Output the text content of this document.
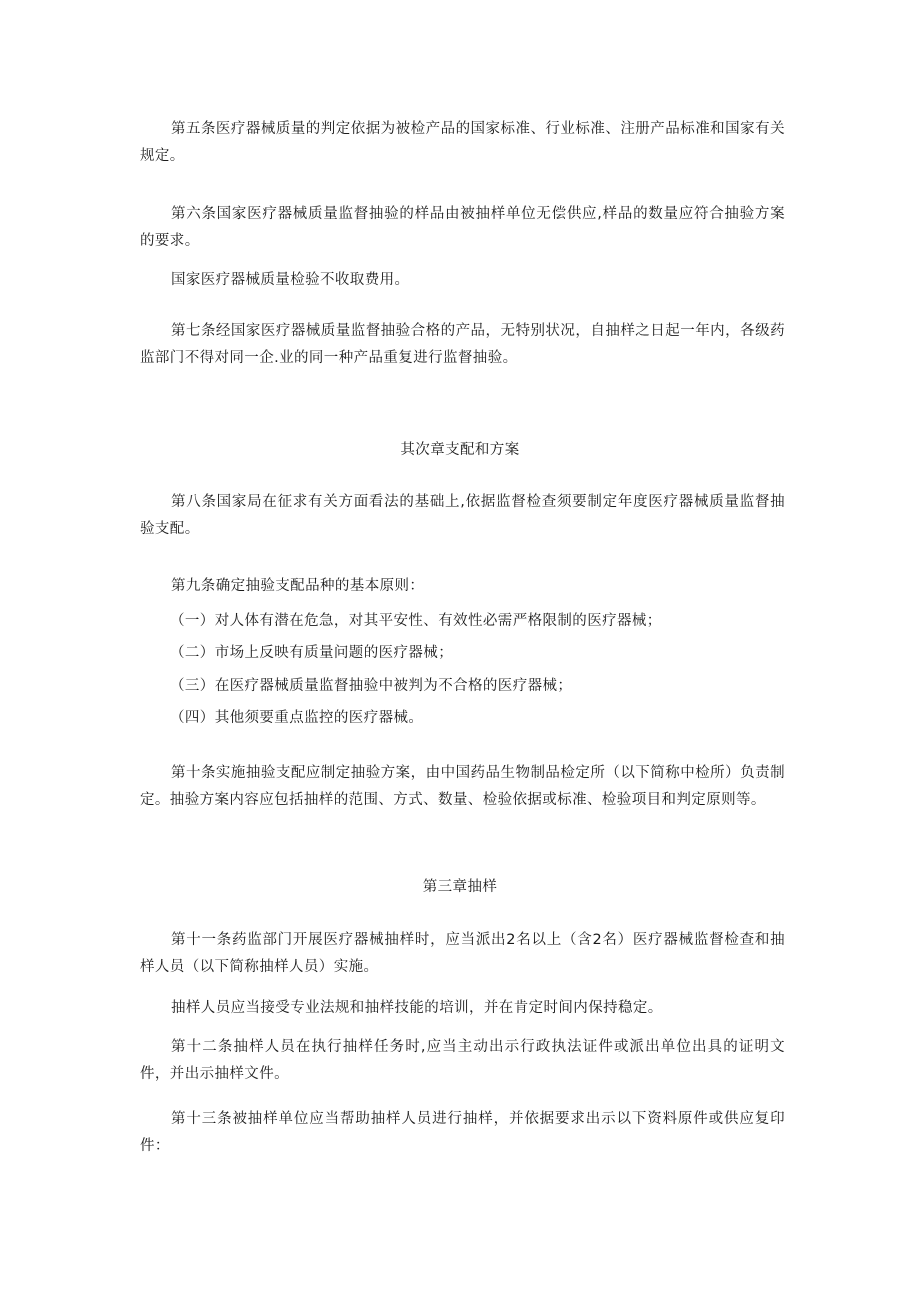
第五条医疗器械质量的判定依据为被检产品的国家标准、行业标准、注册产品标准和国家有关规定。
第六条国家医疗器械质量监督抽验的样品由被抽样单位无偿供应,样品的数量应符合抽验方案的要求。
国家医疗器械质量检验不收取费用。
第七条经国家医疗器械质量监督抽验合格的产品，无特别状况，自抽样之日起一年内，各级药监部门不得对同一企.业的同一种产品重复进行监督抽验。
其次章支配和方案
第八条国家局在征求有关方面看法的基础上,依据监督检查须要制定年度医疗器械质量监督抽验支配。
第九条确定抽验支配品种的基本原则：
（一）对人体有潜在危急，对其平安性、有效性必需严格限制的医疗器械；
（二）市场上反映有质量问题的医疗器械；
（三）在医疗器械质量监督抽验中被判为不合格的医疗器械；
（四）其他须要重点监控的医疗器械。
第十条实施抽验支配应制定抽验方案，由中国药品生物制品检定所（以下简称中检所）负责制定。抽验方案内容应包括抽样的范围、方式、数量、检验依据或标准、检验项目和判定原则等。
第三章抽样
第十一条药监部门开展医疗器械抽样时，应当派出2名以上（含2名）医疗器械监督检查和抽样人员（以下简称抽样人员）实施。
抽样人员应当接受专业法规和抽样技能的培训，并在肯定时间内保持稳定。
第十二条抽样人员在执行抽样任务时,应当主动出示行政执法证件或派出单位出具的证明文件，并出示抽样文件。
第十三条被抽样单位应当帮助抽样人员进行抽样，并依据要求出示以下资料原件或供应复印件：
